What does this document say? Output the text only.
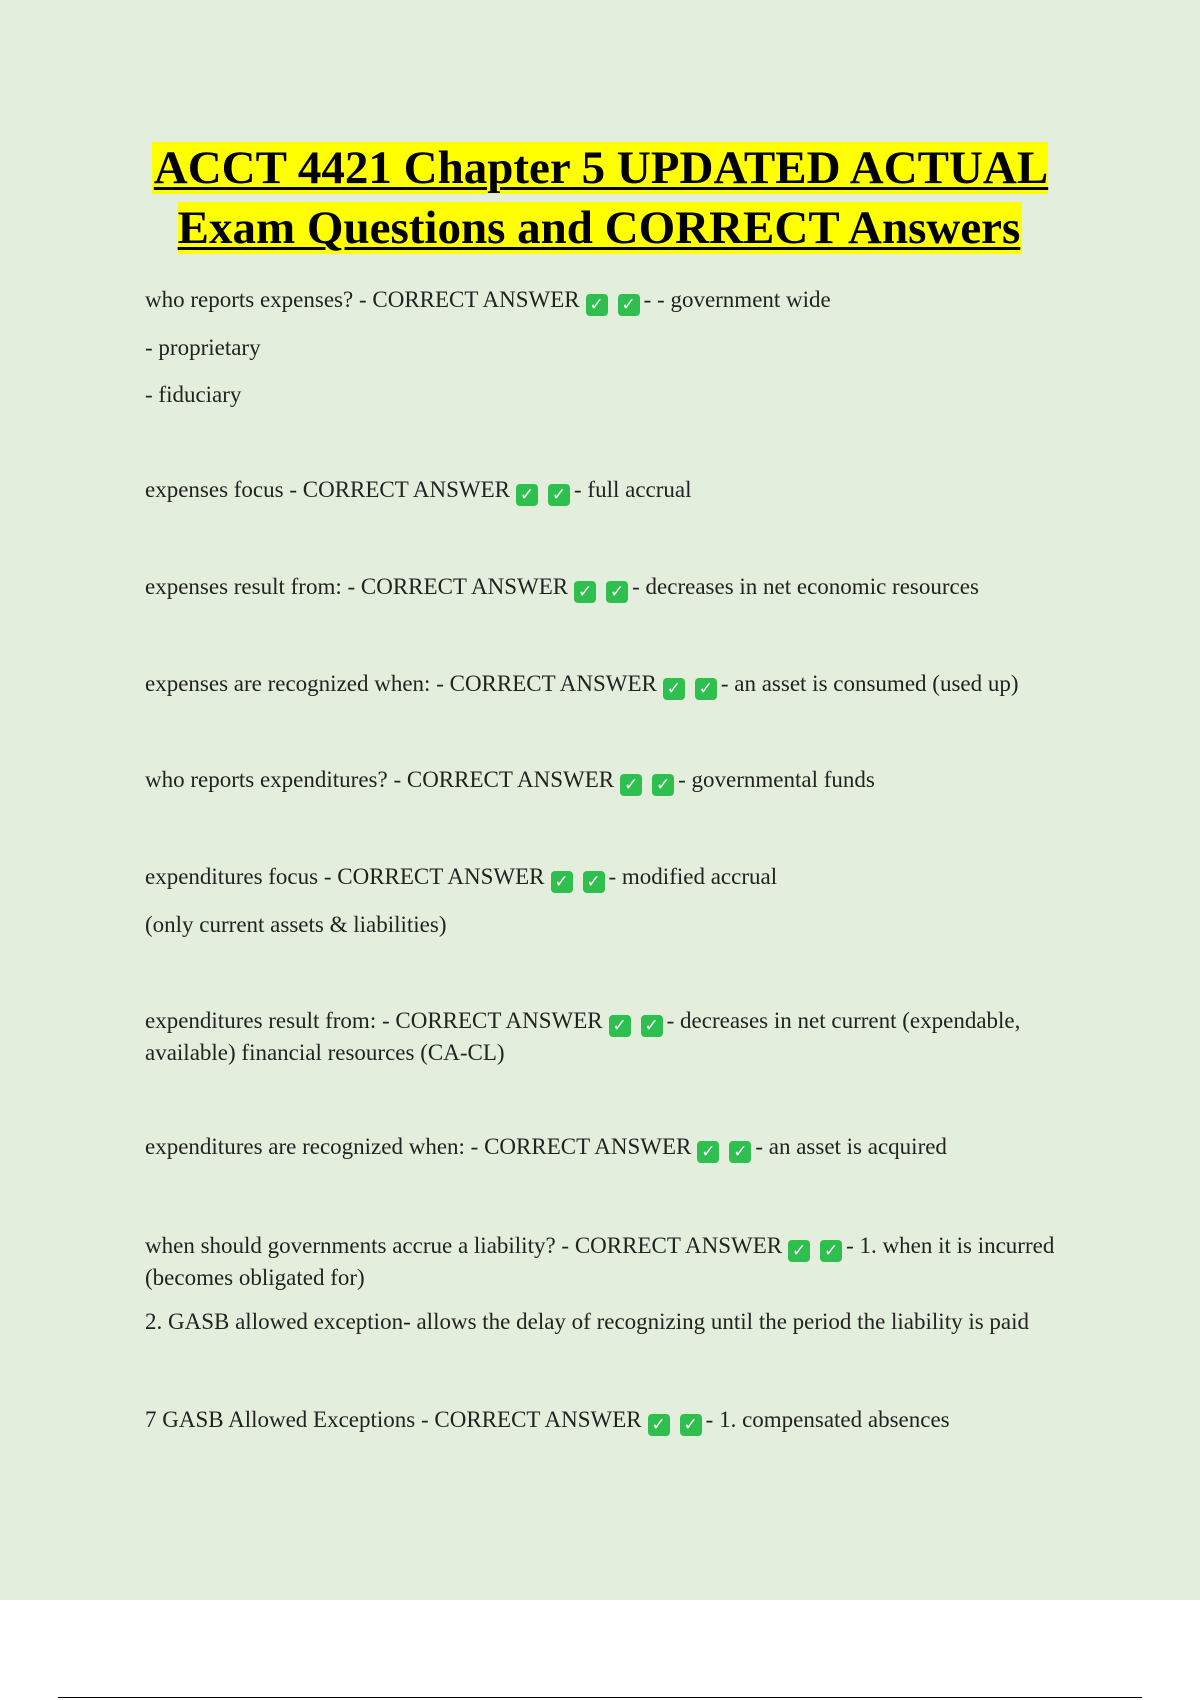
ACCT 4421 Chapter 5 UPDATED ACTUAL Exam Questions and CORRECT Answers
who reports expenses? - CORRECT ANSWER ✓ ✓ - - government wide
- proprietary
- fiduciary
expenses focus - CORRECT ANSWER ✓ ✓ - full accrual
expenses result from: - CORRECT ANSWER ✓ ✓ - decreases in net economic resources
expenses are recognized when: - CORRECT ANSWER ✓ ✓ - an asset is consumed (used up)
who reports expenditures? - CORRECT ANSWER ✓ ✓ - governmental funds
expenditures focus - CORRECT ANSWER ✓ ✓ - modified accrual
(only current assets & liabilities)
expenditures result from: - CORRECT ANSWER ✓ ✓ - decreases in net current (expendable, available) financial resources (CA-CL)
expenditures are recognized when: - CORRECT ANSWER ✓ ✓ - an asset is acquired
when should governments accrue a liability? - CORRECT ANSWER ✓ ✓ - 1. when it is incurred (becomes obligated for)
2. GASB allowed exception- allows the delay of recognizing until the period the liability is paid
7 GASB Allowed Exceptions - CORRECT ANSWER ✓ ✓ - 1. compensated absences
